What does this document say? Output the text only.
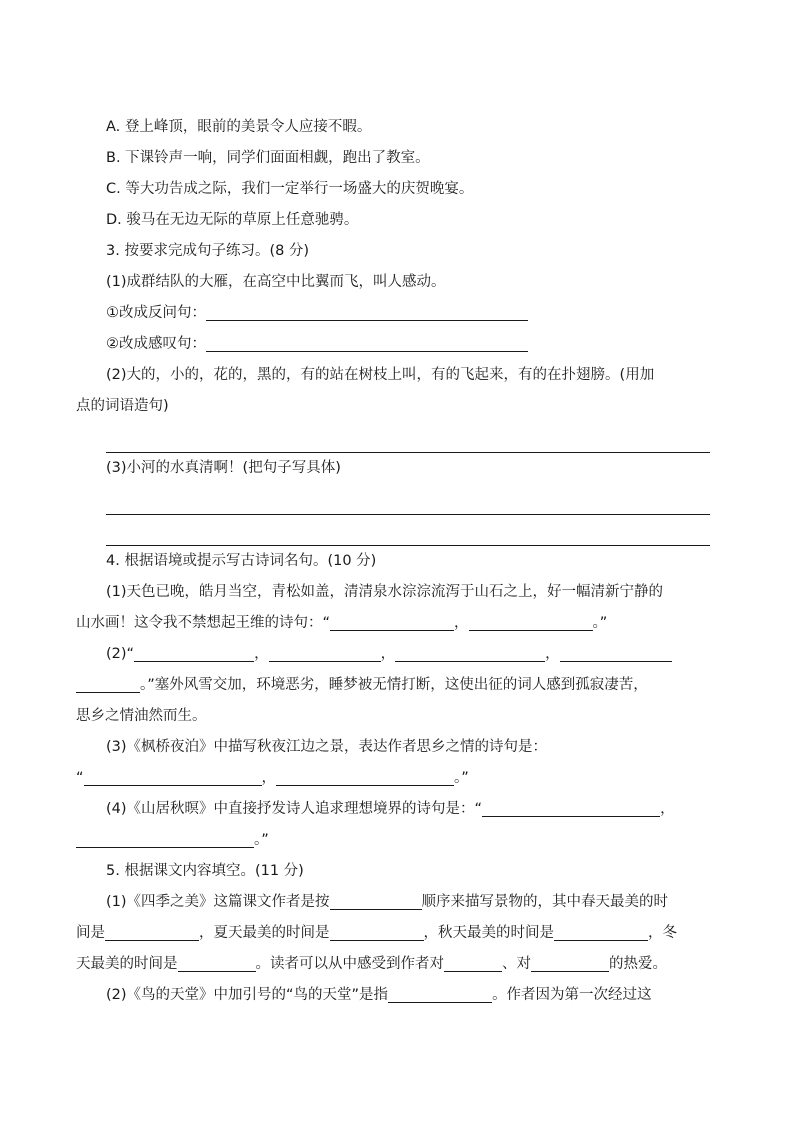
A. 登上峰顶，眼前的美景令人应接不暇。
B. 下课铃声一响，同学们面面相觑，跑出了教室。
C. 等大功告成之际，我们一定举行一场盛大的庆贺晚宴。
D. 骏马在无边无际的草原上任意驰骋。
3. 按要求完成句子练习。(8 分)
(1)成群结队的大雁，在高空中比翼而飞，叫人感动。
①改成反问句：
②改成感叹句：
(2)大的，小的，花的，黑的，有的站在树枝上叫，有的飞起来，有的在扑翅膀。(用加
点的词语造句)
(3)小河的水真清啊！(把句子写具体)
4. 根据语境或提示写古诗词名句。(10 分)
(1)天色已晚，皓月当空，青松如盖，清清泉水淙淙流泻于山石之上，好一幅清新宁静的
山水画！这令我不禁想起王维的诗句：“	，	。”
(2)“	，	，	，
。”塞外风雪交加，环境恶劣，睡梦被无情打断，这使出征的词人感到孤寂凄苦，
思乡之情油然而生。
(3)《枫桥夜泊》中描写秋夜江边之景，表达作者思乡之情的诗句是：
“	，	。”
(4)《山居秋暝》中直接抒发诗人追求理想境界的诗句是：“	，
。”
5. 根据课文内容填空。(11 分)
(1)《四季之美》这篇课文作者是按	顺序来描写景物的，其中春天最美的时
间是	，夏天最美的时间是	，秋天最美的时间是	，冬
天最美的时间是	。读者可以从中感受到作者对	、对	的热爱。
(2)《鸟的天堂》中加引号的“鸟的天堂”是指	。作者因为第一次经过这
